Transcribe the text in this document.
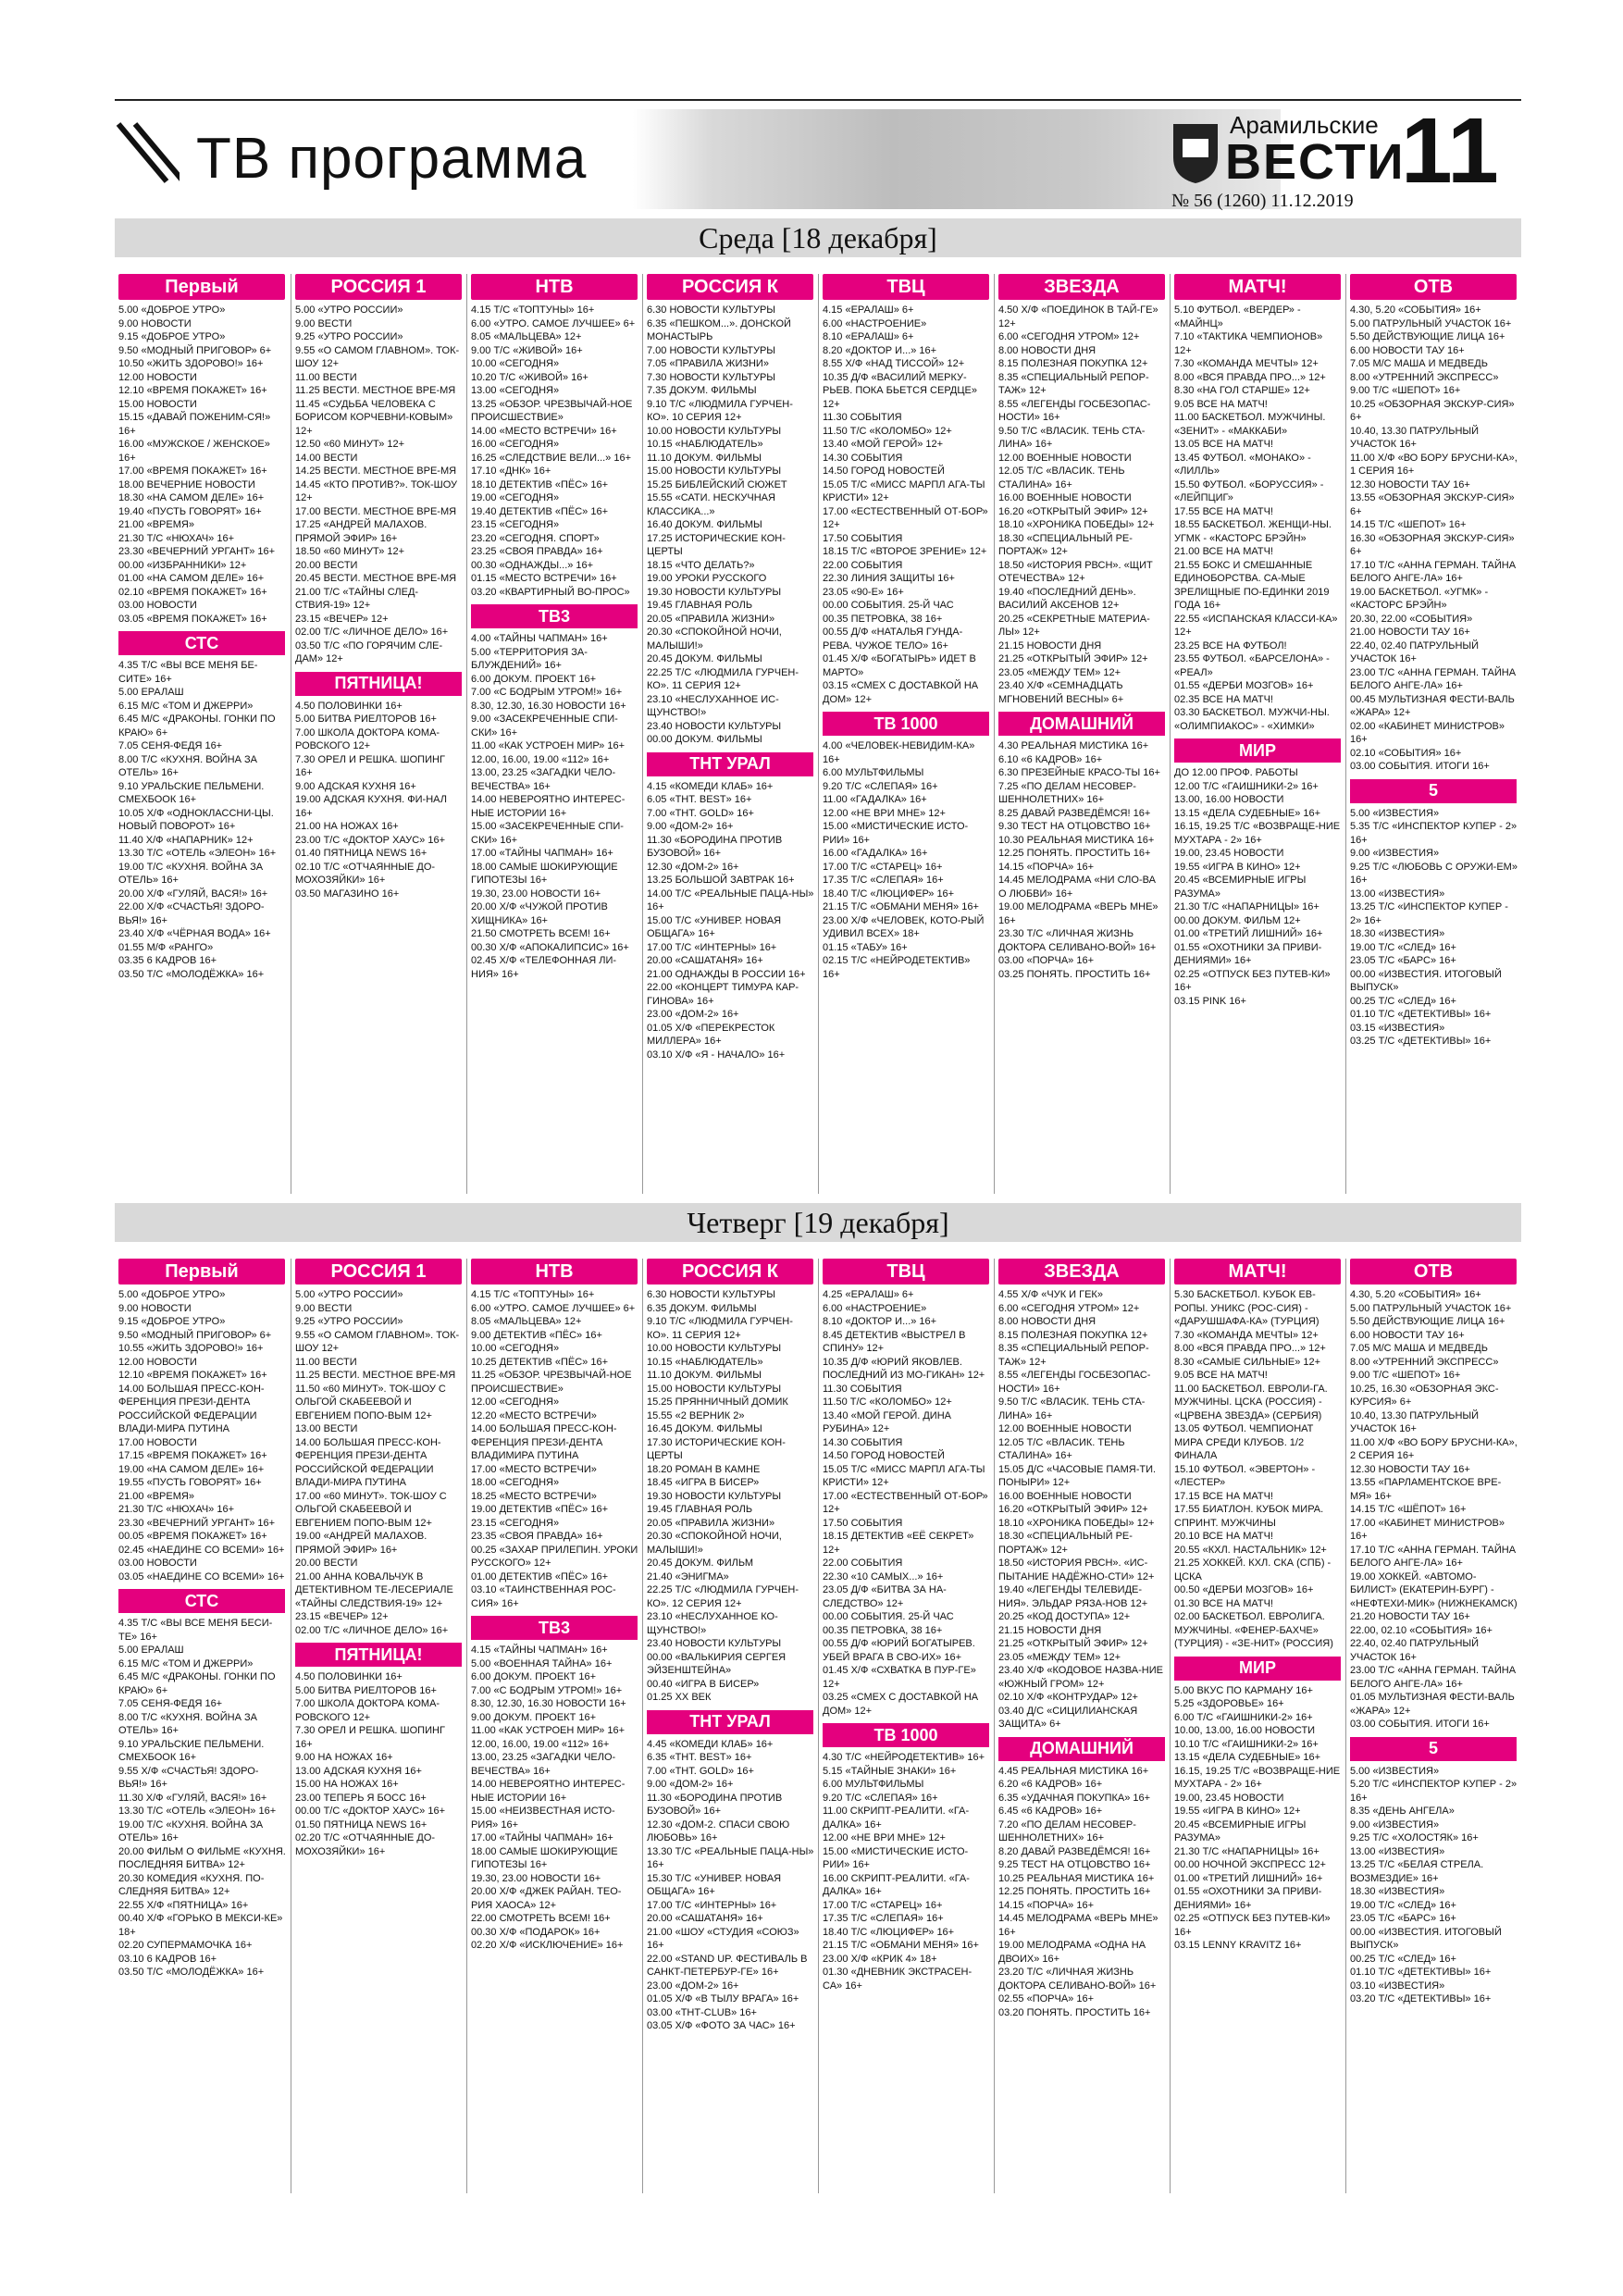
ТВ программа
Арамильские
ВЕСТИ
11
№ 56 (1260) 11.12.2019
Среда [18 декабря]
Первый

5.00 «ДОБРОЕ УТРО»

9.00 НОВОСТИ

9.15 «ДОБРОЕ УТРО»

9.50 «МОДНЫЙ ПРИГОВОР» 6+

10.50 «ЖИТЬ ЗДОРОВО!» 16+

12.00 НОВОСТИ

12.10 «ВРЕМЯ ПОКАЖЕТ» 16+

15.00 НОВОСТИ

15.15 «ДАВАЙ ПОЖЕНИМ-СЯ!» 16+

16.00 «МУЖСКОЕ / ЖЕНСКОЕ» 16+

17.00 «ВРЕМЯ ПОКАЖЕТ» 16+

18.00 ВЕЧЕРНИЕ НОВОСТИ

18.30 «НА САМОМ ДЕЛЕ» 16+

19.40 «ПУСТЬ ГОВОРЯТ» 16+

21.00 «ВРЕМЯ»

21.30 Т/С «НЮХАЧ» 16+

23.30 «ВЕЧЕРНИЙ УРГАНТ» 16+

00.00 «ИЗБРАННИКИ» 12+

01.00 «НА САМОМ ДЕЛЕ» 16+

02.10 «ВРЕМЯ ПОКАЖЕТ» 16+

03.00 НОВОСТИ

03.05 «ВРЕМЯ ПОКАЖЕТ» 16+

СТС

4.35 Т/С «ВЫ ВСЕ МЕНЯ БЕ-СИТЕ» 16+

5.00 ЕРАЛАШ

6.15 М/С «ТОМ И ДЖЕРРИ»

6.45 М/С «ДРАКОНЫ. ГОНКИ ПО КРАЮ» 6+

7.05 СЕНЯ-ФЕДЯ 16+

8.00 Т/С «КУХНЯ. ВОЙНА ЗА ОТЕЛЬ» 16+

9.10 УРАЛЬСКИЕ ПЕЛЬМЕНИ. СМЕХБООК 16+

10.05 Х/Ф «ОДНОКЛАССНИ-ЦЫ. НОВЫЙ ПОВОРОТ» 16+

11.40 Х/Ф «НАПАРНИК» 12+

13.30 Т/С «ОТЕЛЬ «ЭЛЕОН» 16+

19.00 Т/С «КУХНЯ. ВОЙНА ЗА ОТЕЛЬ» 16+

20.00 Х/Ф «ГУЛЯЙ, ВАСЯ!» 16+

22.00 Х/Ф «СЧАСТЬЯ! ЗДОРО-ВЬЯ!» 16+

23.40 Х/Ф «ЧЁРНАЯ ВОДА» 16+

01.55 М/Ф «РАНГО»

03.35 6 КАДРОВ 16+

03.50 Т/С «МОЛОДЁЖКА» 16+

РОССИЯ 1

5.00 «УТРО РОССИИ»

9.00 ВЕСТИ

9.25 «УТРО РОССИИ»

9.55 «О САМОМ ГЛАВНОМ». ТОК-ШОУ 12+

11.00 ВЕСТИ

11.25 ВЕСТИ. МЕСТНОЕ ВРЕ-МЯ

11.45 «СУДЬБА ЧЕЛОВЕКА С БОРИСОМ КОРЧЕВНИ-КОВЫМ» 12+

12.50 «60 МИНУТ» 12+

14.00 ВЕСТИ

14.25 ВЕСТИ. МЕСТНОЕ ВРЕ-МЯ

14.45 «КТО ПРОТИВ?». ТОК-ШОУ 12+

17.00 ВЕСТИ. МЕСТНОЕ ВРЕ-МЯ

17.25 «АНДРЕЙ МАЛАХОВ. ПРЯМОЙ ЭФИР» 16+

18.50 «60 МИНУТ» 12+

20.00 ВЕСТИ

20.45 ВЕСТИ. МЕСТНОЕ ВРЕ-МЯ

21.00 Т/С «ТАЙНЫ СЛЕД-СТВИЯ-19» 12+

23.15 «ВЕЧЕР» 12+

02.00 Т/С «ЛИЧНОЕ ДЕЛО» 16+

03.50 Т/С «ПО ГОРЯЧИМ СЛЕ-ДАМ» 12+

ПЯТНИЦА!

4.50 ПОЛОВИНКИ 16+

5.00 БИТВА РИЕЛТОРОВ 16+

7.00 ШКОЛА ДОКТОРА КОМА-РОВСКОГО 12+

7.30 ОРЕЛ И РЕШКА. ШОПИНГ 16+

9.00 АДСКАЯ КУХНЯ 16+

19.00 АДСКАЯ КУХНЯ. ФИ-НАЛ 16+

21.00 НА НОЖАХ 16+

23.00 Т/С «ДОКТОР ХАУС» 16+

01.40 ПЯТНИЦА NEWS 16+

02.10 Т/С «ОТЧАЯННЫЕ ДО-МОХОЗЯЙКИ» 16+

03.50 МАГАЗИНО 16+

НТВ

4.15 Т/С «ТОПТУНЫ» 16+

6.00 «УТРО. САМОЕ ЛУЧШЕЕ» 6+

8.05 «МАЛЬЦЕВА» 12+

9.00 Т/С «ЖИВОЙ» 16+

10.00 «СЕГОДНЯ»

10.20 Т/С «ЖИВОЙ» 16+

13.00 «СЕГОДНЯ»

13.25 «ОБЗОР. ЧРЕЗВЫЧАЙ-НОЕ ПРОИСШЕСТВИЕ»

14.00 «МЕСТО ВСТРЕЧИ» 16+

16.00 «СЕГОДНЯ»

16.25 «СЛЕДСТВИЕ ВЕЛИ...» 16+

17.10 «ДНК» 16+

18.10 ДЕТЕКТИВ «ПЁС» 16+

19.00 «СЕГОДНЯ»

19.40 ДЕТЕКТИВ «ПЁС» 16+

23.15 «СЕГОДНЯ»

23.20 «СЕГОДНЯ. СПОРТ»

23.25 «СВОЯ ПРАВДА» 16+

00.30 «ОДНАЖДЫ...» 16+

01.15 «МЕСТО ВСТРЕЧИ» 16+

03.20 «КВАРТИРНЫЙ ВО-ПРОС»

ТВ3

4.00 «ТАЙНЫ ЧАПМАН» 16+

5.00 «ТЕРРИТОРИЯ ЗА-БЛУЖДЕНИЙ» 16+

6.00 ДОКУМ. ПРОЕКТ 16+

7.00 «С БОДРЫМ УТРОМ!» 16+

8.30, 12.30, 16.30 НОВОСТИ 16+

9.00 «ЗАСЕКРЕЧЕННЫЕ СПИ-СКИ» 16+

11.00 «КАК УСТРОЕН МИР» 16+

12.00, 16.00, 19.00 «112» 16+

13.00, 23.25 «ЗАГАДКИ ЧЕЛО-ВЕЧЕСТВА» 16+

14.00 НЕВЕРОЯТНО ИНТЕРЕС-НЫЕ ИСТОРИИ 16+

15.00 «ЗАСЕКРЕЧЕННЫЕ СПИ-СКИ» 16+

17.00 «ТАЙНЫ ЧАПМАН» 16+

18.00 САМЫЕ ШОКИРУЮЩИЕ ГИПОТЕЗЫ 16+

19.30, 23.00 НОВОСТИ 16+

20.00 Х/Ф «ЧУЖОЙ ПРОТИВ ХИЩНИКА» 16+

21.50 СМОТРЕТЬ ВСЕМ! 16+

00.30 Х/Ф «АПОКАЛИПСИС» 16+

02.45 Х/Ф «ТЕЛЕФОННАЯ ЛИ-НИЯ» 16+

РОССИЯ К

6.30 НОВОСТИ КУЛЬТУРЫ

6.35 «ПЕШКОМ...». ДОНСКОЙ МОНАСТЫРЬ

7.00 НОВОСТИ КУЛЬТУРЫ

7.05 «ПРАВИЛА ЖИЗНИ»

7.30 НОВОСТИ КУЛЬТУРЫ

7.35 ДОКУМ. ФИЛЬМЫ

9.10 Т/С «ЛЮДМИЛА ГУРЧЕН-КО». 10 СЕРИЯ 12+

10.00 НОВОСТИ КУЛЬТУРЫ

10.15 «НАБЛЮДАТЕЛЬ»

11.10 ДОКУМ. ФИЛЬМЫ

15.00 НОВОСТИ КУЛЬТУРЫ

15.25 БИБЛЕЙСКИЙ СЮЖЕТ

15.55 «САТИ. НЕСКУЧНАЯ КЛАССИКА...»

16.40 ДОКУМ. ФИЛЬМЫ

17.25 ИСТОРИЧЕСКИЕ КОН-ЦЕРТЫ

18.15 «ЧТО ДЕЛАТЬ?»

19.00 УРОКИ РУССКОГО

19.30 НОВОСТИ КУЛЬТУРЫ

19.45 ГЛАВНАЯ РОЛЬ

20.05 «ПРАВИЛА ЖИЗНИ»

20.30 «СПОКОЙНОЙ НОЧИ, МАЛЫШИ!»

20.45 ДОКУМ. ФИЛЬМЫ

22.25 Т/С «ЛЮДМИЛА ГУРЧЕН-КО». 11 СЕРИЯ 12+

23.10 «НЕСЛУХАННОЕ ИС-ЩУНСТВО!»

23.40 НОВОСТИ КУЛЬТУРЫ

00.00 ДОКУМ. ФИЛЬМЫ

ТНТ УРАЛ

4.15 «КОМЕДИ КЛАБ» 16+

6.05 «ТНТ. BEST» 16+

7.00 «ТНТ. GOLD» 16+

9.00 «ДОМ-2» 16+

11.30 «БОРОДИНА ПРОТИВ БУЗОВОЙ» 16+

12.30 «ДОМ-2» 16+

13.25 БОЛЬШОЙ ЗАВТРАК 16+

14.00 Т/С «РЕАЛЬНЫЕ ПАЦА-НЫ» 16+

15.00 Т/С «УНИВЕР. НОВАЯ ОБЩАГА» 16+

17.00 Т/С «ИНТЕРНЫ» 16+

20.00 «САШАТАНЯ» 16+

21.00 ОДНАЖДЫ В РОССИИ 16+

22.00 «КОНЦЕРТ ТИМУРА КАР-ГИНОВА» 16+

23.00 «ДОМ-2» 16+

01.05 Х/Ф «ПЕРЕКРЕСТОК МИЛЛЕРА» 16+

03.10 Х/Ф «Я - НАЧАЛО» 16+

ТВЦ

4.15 «ЕРАЛАШ» 6+

6.00 «НАСТРОЕНИЕ»

8.10 «ЕРАЛАШ» 6+

8.20 «ДОКТОР И...» 16+

8.55 Х/Ф «НАД ТИССОЙ» 12+

10.35 Д/Ф «ВАСИЛИЙ МЕРКУ-РЬЕВ. ПОКА БЬЕТСЯ СЕРДЦЕ» 12+

11.30 СОБЫТИЯ

11.50 Т/С «КОЛОМБО» 12+

13.40 «МОЙ ГЕРОЙ» 12+

14.30 СОБЫТИЯ

14.50 ГОРОД НОВОСТЕЙ

15.05 Т/С «МИСС МАРПЛ АГА-ТЫ КРИСТИ» 12+

17.00 «ЕСТЕСТВЕННЫЙ ОТ-БОР» 12+

17.50 СОБЫТИЯ

18.15 Т/С «ВТОРОЕ ЗРЕНИЕ» 12+

22.00 СОБЫТИЯ

22.30 ЛИНИЯ ЗАЩИТЫ 16+

23.05 «90-Е» 16+

00.00 СОБЫТИЯ. 25-Й ЧАС

00.35 ПЕТРОВКА, 38 16+

00.55 Д/Ф «НАТАЛЬЯ ГУНДА-РЕВА. ЧУЖОЕ ТЕЛО» 16+

01.45 Х/Ф «БОГАТЫРЬ» ИДЕТ В МАРТО»

03.15 «СМЕХ С ДОСТАВКОЙ НА ДОМ» 12+

ТВ 1000

4.00 «ЧЕЛОВЕК-НЕВИДИМ-КА» 16+

6.00 МУЛЬТФИЛЬМЫ

9.20 Т/С «СЛЕПАЯ» 16+

11.00 «ГАДАЛКА» 16+

12.00 «НЕ ВРИ МНЕ» 12+

15.00 «МИСТИЧЕСКИЕ ИСТО-РИИ» 16+

16.00 «ГАДАЛКА» 16+

17.00 Т/С «СТАРЕЦ» 16+

17.35 Т/С «СЛЕПАЯ» 16+

18.40 Т/С «ЛЮЦИФЕР» 16+

21.15 Т/С «ОБМАНИ МЕНЯ» 16+

23.00 Х/Ф «ЧЕЛОВЕК, КОТО-РЫЙ УДИВИЛ ВСЕХ» 18+

01.15 «ТАБУ» 16+

02.15 Т/С «НЕЙРОДЕТЕКТИВ» 16+

ЗВЕЗДА

4.50 Х/Ф «ПОЕДИНОК В ТАЙ-ГЕ» 12+

6.00 «СЕГОДНЯ УТРОМ» 12+

8.00 НОВОСТИ ДНЯ

8.15 ПОЛЕЗНАЯ ПОКУПКА 12+

8.35 «СПЕЦИАЛЬНЫЙ РЕПОР-ТАЖ» 12+

8.55 «ЛЕГЕНДЫ ГОСБЕЗОПАС-НОСТИ» 16+

9.50 Т/С «ВЛАСИК. ТЕНЬ СТА-ЛИНА» 16+

12.00 ВОЕННЫЕ НОВОСТИ

12.05 Т/С «ВЛАСИК. ТЕНЬ СТАЛИНА» 16+

16.00 ВОЕННЫЕ НОВОСТИ

16.20 «ОТКРЫТЫЙ ЭФИР» 12+

18.10 «ХРОНИКА ПОБЕДЫ» 12+

18.30 «СПЕЦИАЛЬНЫЙ РЕ-ПОРТАЖ» 12+

18.50 «ИСТОРИЯ РВСН». «ЩИТ ОТЕЧЕСТВА» 12+

19.40 «ПОСЛЕДНИЙ ДЕНЬ». ВАСИЛИЙ АКСЕНОВ 12+

20.25 «СЕКРЕТНЫЕ МАТЕРИА-ЛЫ» 12+

21.15 НОВОСТИ ДНЯ

21.25 «ОТКРЫТЫЙ ЭФИР» 12+

23.05 «МЕЖДУ ТЕМ» 12+

23.40 Х/Ф «СЕМНАДЦАТЬ МГНОВЕНИЙ ВЕСНЫ» 6+

ДОМАШНИЙ

4.30 РЕАЛЬНАЯ МИСТИКА 16+

6.10 «6 КАДРОВ» 16+

6.30 ПРЕЗЕЙНЫЕ КРАСО-ТЫ 16+

7.25 «ПО ДЕЛАМ НЕСОВЕР-ШЕННОЛЕТНИХ» 16+

8.25 ДАВАЙ РАЗВЕДЁМСЯ! 16+

9.30 ТЕСТ НА ОТЦОВСТВО 16+

10.30 РЕАЛЬНАЯ МИСТИКА 16+

12.25 ПОНЯТЬ. ПРОСТИТЬ 16+

14.15 «ПОРЧА» 16+

14.45 МЕЛОДРАМА «НИ СЛО-ВА О ЛЮБВИ» 16+

19.00 МЕЛОДРАМА «ВЕРЬ МНЕ» 16+

23.30 Т/С «ЛИЧНАЯ ЖИЗНЬ ДОКТОРА СЕЛИВАНО-ВОЙ» 16+

03.00 «ПОРЧА» 16+

03.25 ПОНЯТЬ. ПРОСТИТЬ 16+

МАТЧ!

5.10 ФУТБОЛ. «ВЕРДЕР» - «МАЙНЦ»

7.10 «ТАКТИКА ЧЕМПИОНОВ» 12+

7.30 «КОМАНДА МЕЧТЫ» 12+

8.00 «ВСЯ ПРАВДА ПРО...» 12+

8.30 «НА ГОЛ СТАРШЕ» 12+

9.05 ВСЕ НА МАТЧ!

11.00 БАСКЕТБОЛ. МУЖЧИНЫ. «ЗЕНИТ» - «МАККАБИ»

13.05 ВСЕ НА МАТЧ!

13.45 ФУТБОЛ. «МОНАКО» - «ЛИЛЛЬ»

15.50 ФУТБОЛ. «БОРУССИЯ» - «ЛЕЙПЦИГ»

17.55 ВСЕ НА МАТЧ!

18.55 БАСКЕТБОЛ. ЖЕНЩИ-НЫ. УГМК - «КАСТОРС БРЭЙН»

21.00 ВСЕ НА МАТЧ!

21.55 БОКС И СМЕШАННЫЕ ЕДИНОБОРСТВА. СА-МЫЕ ЗРЕЛИЩНЫЕ ПО-ЕДИНКИ 2019 ГОДА 16+

22.55 «ИСПАНСКАЯ КЛАССИ-КА» 12+

23.25 ВСЕ НА ФУТБОЛ!

23.55 ФУТБОЛ. «БАРСЕЛОНА» - «РЕАЛ»

01.55 «ДЕРБИ МОЗГОВ» 16+

02.35 ВСЕ НА МАТЧ!

03.30 БАСКЕТБОЛ. МУЖЧИ-НЫ. «ОЛИМПИАКОС» - «ХИМКИ»

МИР

ДО 12.00 ПРОФ. РАБОТЫ

12.00 Т/С «ГАИШНИКИ-2» 16+

13.00, 16.00 НОВОСТИ

13.15 «ДЕЛА СУДЕБНЫЕ» 16+

16.15, 19.25 Т/С «ВОЗВРАЩЕ-НИЕ МУХТАРА - 2» 16+

19.00, 23.45 НОВОСТИ

19.55 «ИГРА В КИНО» 12+

20.45 «ВСЕМИРНЫЕ ИГРЫ РАЗУМА»

21.30 Т/С «НАПАРНИЦЫ» 16+

00.00 ДОКУМ. ФИЛЬМ 12+

01.00 «ТРЕТИЙ ЛИШНИЙ» 16+

01.55 «ОХОТНИКИ ЗА ПРИВИ-ДЕНИЯМИ» 16+

02.25 «ОТПУСК БЕЗ ПУТЕВ-КИ» 16+

03.15 PINK 16+

ОТВ

4.30, 5.20 «СОБЫТИЯ» 16+

5.00 ПАТРУЛЬНЫЙ УЧАСТОК 16+

5.50 ДЕЙСТВУЮЩИЕ ЛИЦА 16+

6.00 НОВОСТИ ТАУ 16+

7.05 М/С МАША И МЕДВЕДЬ

8.00 «УТРЕННИЙ ЭКСПРЕСС»

9.00 Т/С «ШЕПОТ» 16+

10.25 «ОБЗОРНАЯ ЭКСКУР-СИЯ» 6+

10.40, 13.30 ПАТРУЛЬНЫЙ УЧАСТОК 16+

11.00 Х/Ф «ВО БОРУ БРУСНИ-КА», 1 СЕРИЯ 16+

12.30 НОВОСТИ ТАУ 16+

13.55 «ОБЗОРНАЯ ЭКСКУР-СИЯ» 6+

14.15 Т/С «ШЕПОТ» 16+

16.30 «ОБЗОРНАЯ ЭКСКУР-СИЯ» 6+

17.10 Т/С «АННА ГЕРМАН. ТАЙНА БЕЛОГО АНГЕ-ЛА» 16+

19.00 БАСКЕТБОЛ. «УГМК» - «КАСТОРС БРЭЙН»

20.30, 22.00 «СОБЫТИЯ»

21.00 НОВОСТИ ТАУ 16+

22.40, 02.40 ПАТРУЛЬНЫЙ УЧАСТОК 16+

23.00 Т/С «АННА ГЕРМАН. ТАЙНА БЕЛОГО АНГЕ-ЛА» 16+

00.45 МУЛЬТИЗНАЯ ФЕСТИ-ВАЛЬ «ЖАРА» 12+

02.00 «КАБИНЕТ МИНИСТРОВ» 16+

02.10 «СОБЫТИЯ» 16+

03.00 СОБЫТИЯ. ИТОГИ 16+

5

5.00 «ИЗВЕСТИЯ»

5.35 Т/С «ИНСПЕКТОР КУПЕР - 2» 16+

9.00 «ИЗВЕСТИЯ»

9.25 Т/С «ЛЮБОВЬ С ОРУЖИ-ЕМ» 16+

13.00 «ИЗВЕСТИЯ»

13.25 Т/С «ИНСПЕКТОР КУПЕР - 2» 16+

18.30 «ИЗВЕСТИЯ»

19.00 Т/С «СЛЕД» 16+

23.05 Т/С «БАРС» 16+

00.00 «ИЗВЕСТИЯ. ИТОГОВЫЙ ВЫПУСК»

00.25 Т/С «СЛЕД» 16+

01.10 Т/С «ДЕТЕКТИВЫ» 16+

03.15 «ИЗВЕСТИЯ»

03.25 Т/С «ДЕТЕКТИВЫ» 16+

Четверг [19 декабря]
Первый

5.00 «ДОБРОЕ УТРО»

9.00 НОВОСТИ

9.15 «ДОБРОЕ УТРО»

9.50 «МОДНЫЙ ПРИГОВОР» 6+

10.55 «ЖИТЬ ЗДОРОВО!» 16+

12.00 НОВОСТИ

12.10 «ВРЕМЯ ПОКАЖЕТ» 16+

14.00 БОЛЬШАЯ ПРЕСС-КОН-ФЕРЕНЦИЯ ПРЕЗИ-ДЕНТА РОССИЙСКОЙ ФЕДЕРАЦИИ ВЛАДИ-МИРА ПУТИНА

17.00 НОВОСТИ

17.15 «ВРЕМЯ ПОКАЖЕТ» 16+

19.00 «НА САМОМ ДЕЛЕ» 16+

19.55 «ПУСТЬ ГОВОРЯТ» 16+

21.00 «ВРЕМЯ»

21.30 Т/С «НЮХАЧ» 16+

23.30 «ВЕЧЕРНИЙ УРГАНТ» 16+

00.05 «ВРЕМЯ ПОКАЖЕТ» 16+

02.45 «НАЕДИНЕ СО ВСЕМИ» 16+

03.00 НОВОСТИ

03.05 «НАЕДИНЕ СО ВСЕМИ» 16+

СТС

4.35 Т/С «ВЫ ВСЕ МЕНЯ БЕСИ-ТЕ» 16+

5.00 ЕРАЛАШ

6.15 М/С «ТОМ И ДЖЕРРИ»

6.45 М/С «ДРАКОНЫ. ГОНКИ ПО КРАЮ» 6+

7.05 СЕНЯ-ФЕДЯ 16+

8.00 Т/С «КУХНЯ. ВОЙНА ЗА ОТЕЛЬ» 16+

9.10 УРАЛЬСКИЕ ПЕЛЬМЕНИ. СМЕХБООК 16+

9.55 Х/Ф «СЧАСТЬЯ! ЗДОРО-ВЬЯ!» 16+

11.30 Х/Ф «ГУЛЯЙ, ВАСЯ!» 16+

13.30 Т/С «ОТЕЛЬ «ЭЛЕОН» 16+

19.00 Т/С «КУХНЯ. ВОЙНА ЗА ОТЕЛЬ» 16+

20.00 ФИЛЬМ О ФИЛЬМЕ «КУХНЯ. ПОСЛЕДНЯЯ БИТВА» 12+

20.30 КОМЕДИЯ «КУХНЯ. ПО-СЛЕДНЯЯ БИТВА» 12+

22.55 Х/Ф «ПЯТНИЦА» 16+

00.40 Х/Ф «ГОРЬКО В МЕКСИ-КЕ» 18+

02.20 СУПЕРМАМОЧКА 16+

03.10 6 КАДРОВ 16+

03.50 Т/С «МОЛОДЁЖКА» 16+

РОССИЯ 1

5.00 «УТРО РОССИИ»

9.00 ВЕСТИ

9.25 «УТРО РОССИИ»

9.55 «О САМОМ ГЛАВНОМ». ТОК-ШОУ 12+

11.00 ВЕСТИ

11.25 ВЕСТИ. МЕСТНОЕ ВРЕ-МЯ

11.50 «60 МИНУТ». ТОК-ШОУ С ОЛЬГОЙ СКАБЕЕВОЙ И ЕВГЕНИЕМ ПОПО-ВЫМ 12+

13.00 ВЕСТИ

14.00 БОЛЬШАЯ ПРЕСС-КОН-ФЕРЕНЦИЯ ПРЕЗИ-ДЕНТА РОССИЙСКОЙ ФЕДЕРАЦИИ ВЛАДИ-МИРА ПУТИНА

17.00 «60 МИНУТ». ТОК-ШОУ С ОЛЬГОЙ СКАБЕЕВОЙ И ЕВГЕНИЕМ ПОПО-ВЫМ 12+

19.00 «АНДРЕЙ МАЛАХОВ. ПРЯМОЙ ЭФИР» 16+

20.00 ВЕСТИ

21.00 АННА КОВАЛЬЧУК В ДЕТЕКТИВНОМ ТЕ-ЛЕСЕРИАЛЕ «ТАЙНЫ СЛЕДСТВИЯ-19» 12+

23.15 «ВЕЧЕР» 12+

02.00 Т/С «ЛИЧНОЕ ДЕЛО» 16+

ПЯТНИЦА!

4.50 ПОЛОВИНКИ 16+

5.00 БИТВА РИЕЛТОРОВ 16+

7.00 ШКОЛА ДОКТОРА КОМА-РОВСКОГО 12+

7.30 ОРЕЛ И РЕШКА. ШОПИНГ 16+

9.00 НА НОЖАХ 16+

13.00 АДСКАЯ КУХНЯ 16+

15.00 НА НОЖАХ 16+

23.00 ТЕПЕРЬ Я БОСС 16+

00.00 Т/С «ДОКТОР ХАУС» 16+

01.50 ПЯТНИЦА NEWS 16+

02.20 Т/С «ОТЧАЯННЫЕ ДО-МОХОЗЯЙКИ» 16+

НТВ

4.15 Т/С «ТОПТУНЫ» 16+

6.00 «УТРО. САМОЕ ЛУЧШЕЕ» 6+

8.05 «МАЛЬЦЕВА» 12+

9.00 ДЕТЕКТИВ «ПЁС» 16+

10.00 «СЕГОДНЯ»

10.25 ДЕТЕКТИВ «ПЁС» 16+

11.25 «ОБЗОР. ЧРЕЗВЫЧАЙ-НОЕ ПРОИСШЕСТВИЕ»

12.00 «СЕГОДНЯ»

12.20 «МЕСТО ВСТРЕЧИ»

14.00 БОЛЬШАЯ ПРЕСС-КОН-ФЕРЕНЦИЯ ПРЕЗИ-ДЕНТА ВЛАДИМИРА ПУТИНА

17.00 «МЕСТО ВСТРЕЧИ»

18.00 «СЕГОДНЯ»

18.25 «МЕСТО ВСТРЕЧИ»

19.00 ДЕТЕКТИВ «ПЁС» 16+

23.15 «СЕГОДНЯ»

23.35 «СВОЯ ПРАВДА» 16+

00.25 «ЗАХАР ПРИЛЕПИН. УРОКИ РУССКОГО» 12+

01.00 ДЕТЕКТИВ «ПЁС» 16+

03.10 «ТАИНСТВЕННАЯ РОС-СИЯ» 16+

ТВ3

4.15 «ТАЙНЫ ЧАПМАН» 16+

5.00 «ВОЕННАЯ ТАЙНА» 16+

6.00 ДОКУМ. ПРОЕКТ 16+

7.00 «С БОДРЫМ УТРОМ!» 16+

8.30, 12.30, 16.30 НОВОСТИ 16+

9.00 ДОКУМ. ПРОЕКТ 16+

11.00 «КАК УСТРОЕН МИР» 16+

12.00, 16.00, 19.00 «112» 16+

13.00, 23.25 «ЗАГАДКИ ЧЕЛО-ВЕЧЕСТВА» 16+

14.00 НЕВЕРОЯТНО ИНТЕРЕС-НЫЕ ИСТОРИИ 16+

15.00 «НЕИЗВЕСТНАЯ ИСТО-РИЯ» 16+

17.00 «ТАЙНЫ ЧАПМАН» 16+

18.00 САМЫЕ ШОКИРУЮЩИЕ ГИПОТЕЗЫ 16+

19.30, 23.00 НОВОСТИ 16+

20.00 Х/Ф «ДЖЕК РАЙАН. ТЕО-РИЯ ХАОСА» 12+

22.00 СМОТРЕТЬ ВСЕМ! 16+

00.30 Х/Ф «ПОДАРОК» 16+

02.20 Х/Ф «ИСКЛЮЧЕНИЕ» 16+

РОССИЯ К

6.30 НОВОСТИ КУЛЬТУРЫ

6.35 ДОКУМ. ФИЛЬМЫ

9.10 Т/С «ЛЮДМИЛА ГУРЧЕН-КО». 11 СЕРИЯ 12+

10.00 НОВОСТИ КУЛЬТУРЫ

10.15 «НАБЛЮДАТЕЛЬ»

11.10 ДОКУМ. ФИЛЬМЫ

15.00 НОВОСТИ КУЛЬТУРЫ

15.25 ПРЯННИЧНЫЙ ДОМИК

15.55 «2 ВЕРНИК 2»

16.45 ДОКУМ. ФИЛЬМЫ

17.30 ИСТОРИЧЕСКИЕ КОН-ЦЕРТЫ

18.20 РОМАН В КАМНЕ

18.45 «ИГРА В БИСЕР»

19.30 НОВОСТИ КУЛЬТУРЫ

19.45 ГЛАВНАЯ РОЛЬ

20.05 «ПРАВИЛА ЖИЗНИ»

20.30 «СПОКОЙНОЙ НОЧИ, МАЛЫШИ!»

20.45 ДОКУМ. ФИЛЬМ

21.40 «ЭНИГМА»

22.25 Т/С «ЛЮДМИЛА ГУРЧЕН-КО». 12 СЕРИЯ 12+

23.10 «НЕСЛУХАННОЕ КО-ЩУНСТВО!»

23.40 НОВОСТИ КУЛЬТУРЫ

00.00 «ВАЛЬКИРИЯ СЕРГЕЯ ЭЙЗЕНШТЕЙНА»

00.40 «ИГРА В БИСЕР»

01.25 XX ВЕК

ТНТ УРАЛ

4.45 «КОМЕДИ КЛАБ» 16+

6.35 «ТНТ. BEST» 16+

7.00 «ТНТ. GOLD» 16+

9.00 «ДОМ-2» 16+

11.30 «БОРОДИНА ПРОТИВ БУЗОВОЙ» 16+

12.30 «ДОМ-2. СПАСИ СВОЮ ЛЮБОВЬ» 16+

13.30 Т/С «РЕАЛЬНЫЕ ПАЦА-НЫ» 16+

15.30 Т/С «УНИВЕР. НОВАЯ ОБЩАГА» 16+

17.00 Т/С «ИНТЕРНЫ» 16+

20.00 «САШАТАНЯ» 16+

21.00 «ШОУ «СТУДИЯ «СОЮЗ» 16+

22.00 «STAND UP. ФЕСТИВАЛЬ В САНКТ-ПЕТЕРБУР-ГЕ» 16+

23.00 «ДОМ-2» 16+

01.05 Х/Ф «В ТЫЛУ ВРАГА» 16+

03.00 «ТНТ-CLUB» 16+

03.05 Х/Ф «ФОТО ЗА ЧАС» 16+

ТВЦ

4.25 «ЕРАЛАШ» 6+

6.00 «НАСТРОЕНИЕ»

8.10 «ДОКТОР И...» 16+

8.45 ДЕТЕКТИВ «ВЫСТРЕЛ В СПИНУ» 12+

10.35 Д/Ф «ЮРИЙ ЯКОВЛЕВ. ПОСЛЕДНИЙ ИЗ МО-ГИКАН» 12+

11.30 СОБЫТИЯ

11.50 Т/С «КОЛОМБО» 12+

13.40 «МОЙ ГЕРОЙ. ДИНА РУБИНА» 12+

14.30 СОБЫТИЯ

14.50 ГОРОД НОВОСТЕЙ

15.05 Т/С «МИСС МАРПЛ АГА-ТЫ КРИСТИ» 12+

17.00 «ЕСТЕСТВЕННЫЙ ОТ-БОР» 12+

17.50 СОБЫТИЯ

18.15 ДЕТЕКТИВ «ЕЁ СЕКРЕТ» 12+

22.00 СОБЫТИЯ

22.30 «10 САМЫХ...» 16+

23.05 Д/Ф «БИТВА ЗА НА-СЛЕДСТВО» 12+

00.00 СОБЫТИЯ. 25-Й ЧАС

00.35 ПЕТРОВКА, 38 16+

00.55 Д/Ф «ЮРИЙ БОГАТЫРЕВ. УБЕЙ ВРАГА В СВО-ИХ» 16+

01.45 Х/Ф «СХВАТКА В ПУР-ГЕ» 12+

03.25 «СМЕХ С ДОСТАВКОЙ НА ДОМ» 12+

ТВ 1000

4.30 Т/С «НЕЙРОДЕТЕКТИВ» 16+

5.15 «ТАЙНЫЕ ЗНАКИ» 16+

6.00 МУЛЬТФИЛЬМЫ

9.20 Т/С «СЛЕПАЯ» 16+

11.00 СКРИПТ-РЕАЛИТИ. «ГА-ДАЛКА» 16+

12.00 «НЕ ВРИ МНЕ» 12+

15.00 «МИСТИЧЕСКИЕ ИСТО-РИИ» 16+

16.00 СКРИПТ-РЕАЛИТИ. «ГА-ДАЛКА» 16+

17.00 Т/С «СТАРЕЦ» 16+

17.35 Т/С «СЛЕПАЯ» 16+

18.40 Т/С «ЛЮЦИФЕР» 16+

21.15 Т/С «ОБМАНИ МЕНЯ» 16+

23.00 Х/Ф «КРИК 4» 18+

01.30 «ДНЕВНИК ЭКСТРАСЕН-СА» 16+

ЗВЕЗДА

4.55 Х/Ф «ЧУК И ГЕК»

6.00 «СЕГОДНЯ УТРОМ» 12+

8.00 НОВОСТИ ДНЯ

8.15 ПОЛЕЗНАЯ ПОКУПКА 12+

8.35 «СПЕЦИАЛЬНЫЙ РЕПОР-ТАЖ» 12+

8.55 «ЛЕГЕНДЫ ГОСБЕЗОПАС-НОСТИ» 16+

9.50 Т/С «ВЛАСИК. ТЕНЬ СТА-ЛИНА» 16+

12.00 ВОЕННЫЕ НОВОСТИ

12.05 Т/С «ВЛАСИК. ТЕНЬ СТАЛИНА» 16+

15.05 Д/С «ЧАСОВЫЕ ПАМЯ-ТИ. ПОНЫРИ» 12+

16.00 ВОЕННЫЕ НОВОСТИ

16.20 «ОТКРЫТЫЙ ЭФИР» 12+

18.10 «ХРОНИКА ПОБЕДЫ» 12+

18.30 «СПЕЦИАЛЬНЫЙ РЕ-ПОРТАЖ» 12+

18.50 «ИСТОРИЯ РВСН». «ИС-ПЫТАНИЕ НАДЁЖНО-СТИ» 12+

19.40 «ЛЕГЕНДЫ ТЕЛЕВИДЕ-НИЯ». ЭЛЬДАР РЯЗА-НОВ 12+

20.25 «КОД ДОСТУПА» 12+

21.15 НОВОСТИ ДНЯ

21.25 «ОТКРЫТЫЙ ЭФИР» 12+

23.05 «МЕЖДУ ТЕМ» 12+

23.40 Х/Ф «КОДОВОЕ НАЗВА-НИЕ «ЮЖНЫЙ ГРОМ» 12+

02.10 Х/Ф «КОНТРУДАР» 12+

03.40 Д/С «СИЦИЛИАНСКАЯ ЗАЩИТА» 6+

ДОМАШНИЙ

4.45 РЕАЛЬНАЯ МИСТИКА 16+

6.20 «6 КАДРОВ» 16+

6.35 «УДАЧНАЯ ПОКУПКА» 16+

6.45 «6 КАДРОВ» 16+

7.20 «ПО ДЕЛАМ НЕСОВЕР-ШЕННОЛЕТНИХ» 16+

8.20 ДАВАЙ РАЗВЕДЁМСЯ! 16+

9.25 ТЕСТ НА ОТЦОВСТВО 16+

10.25 РЕАЛЬНАЯ МИСТИКА 16+

12.25 ПОНЯТЬ. ПРОСТИТЬ 16+

14.15 «ПОРЧА» 16+

14.45 МЕЛОДРАМА «ВЕРЬ МНЕ» 16+

19.00 МЕЛОДРАМА «ОДНА НА ДВОИХ» 16+

23.20 Т/С «ЛИЧНАЯ ЖИЗНЬ ДОКТОРА СЕЛИВАНО-ВОЙ» 16+

02.55 «ПОРЧА» 16+

03.20 ПОНЯТЬ. ПРОСТИТЬ 16+

МАТЧ!

5.30 БАСКЕТБОЛ. КУБОК ЕВ-РОПЫ. УНИКС (РОС-СИЯ) - «ДАРУШШАФА-КА» (ТУРЦИЯ)

7.30 «КОМАНДА МЕЧТЫ» 12+

8.00 «ВСЯ ПРАВДА ПРО...» 12+

8.30 «САМЫЕ СИЛЬНЫЕ» 12+

9.05 ВСЕ НА МАТЧ!

11.00 БАСКЕТБОЛ. ЕВРОЛИ-ГА. МУЖЧИНЫ. ЦСКА (РОССИЯ) - «ЦРВЕНА ЗВЕЗДА» (СЕРБИЯ)

13.05 ФУТБОЛ. ЧЕМПИОНАТ МИРА СРЕДИ КЛУБОВ. 1/2 ФИНАЛА

15.10 ФУТБОЛ. «ЭВЕРТОН» - «ЛЕСТЕР»

17.15 ВСЕ НА МАТЧ!

17.55 БИАТЛОН. КУБОК МИРА. СПРИНТ. МУЖЧИНЫ

20.10 ВСЕ НА МАТЧ!

20.55 «КХЛ. НАСТАЛЬНИК» 12+

21.25 ХОККЕЙ. КХЛ. СКА (СПБ) - ЦСКА

00.50 «ДЕРБИ МОЗГОВ» 16+

01.30 ВСЕ НА МАТЧ!

02.00 БАСКЕТБОЛ. ЕВРОЛИГА. МУЖЧИНЫ. «ФЕНЕР-БАХЧЕ» (ТУРЦИЯ) - «ЗЕ-НИТ» (РОССИЯ)

МИР

5.00 ВКУС ПО КАРМАНУ 16+

5.25 «ЗДОРОВЬЕ» 16+

6.00 Т/С «ГАИШНИКИ-2» 16+

10.00, 13.00, 16.00 НОВОСТИ

10.10 Т/С «ГАИШНИКИ-2» 16+

13.15 «ДЕЛА СУДЕБНЫЕ» 16+

16.15, 19.25 Т/С «ВОЗВРАЩЕ-НИЕ МУХТАРА - 2» 16+

19.00, 23.45 НОВОСТИ

19.55 «ИГРА В КИНО» 12+

20.45 «ВСЕМИРНЫЕ ИГРЫ РАЗУМА»

21.30 Т/С «НАПАРНИЦЫ» 16+

00.00 НОЧНОЙ ЭКСПРЕСС 12+

01.00 «ТРЕТИЙ ЛИШНИЙ» 16+

01.55 «ОХОТНИКИ ЗА ПРИВИ-ДЕНИЯМИ» 16+

02.25 «ОТПУСК БЕЗ ПУТЕВ-КИ» 16+

03.15 LENNY KRAVITZ 16+

ОТВ

4.30, 5.20 «СОБЫТИЯ» 16+

5.00 ПАТРУЛЬНЫЙ УЧАСТОК 16+

5.50 ДЕЙСТВУЮЩИЕ ЛИЦА 16+

6.00 НОВОСТИ ТАУ 16+

7.05 М/С МАША И МЕДВЕДЬ

8.00 «УТРЕННИЙ ЭКСПРЕСС»

9.00 Т/С «ШЕПОТ» 16+

10.25, 16.30 «ОБЗОРНАЯ ЭКС-КУРСИЯ» 6+

10.40, 13.30 ПАТРУЛЬНЫЙ УЧАСТОК 16+

11.00 Х/Ф «ВО БОРУ БРУСНИ-КА», 2 СЕРИЯ 16+

12.30 НОВОСТИ ТАУ 16+

13.55 «ПАРЛАМЕНТСКОЕ ВРЕ-МЯ» 16+

14.15 Т/С «ШЁПОТ» 16+

17.00 «КАБИНЕТ МИНИСТРОВ» 16+

17.10 Т/С «АННА ГЕРМАН. ТАЙНА БЕЛОГО АНГЕ-ЛА» 16+

19.00 ХОККЕЙ. «АВТОМО-БИЛИСТ» (ЕКАТЕРИН-БУРГ) - «НЕФТЕХИ-МИК» (НИЖНЕКАМСК)

21.20 НОВОСТИ ТАУ 16+

22.00, 02.10 «СОБЫТИЯ» 16+

22.40, 02.40 ПАТРУЛЬНЫЙ УЧАСТОК 16+

23.00 Т/С «АННА ГЕРМАН. ТАЙНА БЕЛОГО АНГЕ-ЛА» 16+

01.05 МУЛЬТИЗНАЯ ФЕСТИ-ВАЛЬ «ЖАРА» 12+

03.00 СОБЫТИЯ. ИТОГИ 16+

5

5.00 «ИЗВЕСТИЯ»

5.20 Т/С «ИНСПЕКТОР КУПЕР - 2» 16+

8.35 «ДЕНЬ АНГЕЛА»

9.00 «ИЗВЕСТИЯ»

9.25 Т/С «ХОЛОСТЯК» 16+

13.00 «ИЗВЕСТИЯ»

13.25 Т/С «БЕЛАЯ СТРЕЛА. ВОЗМЕЗДИЕ» 16+

18.30 «ИЗВЕСТИЯ»

19.00 Т/С «СЛЕД» 16+

23.05 Т/С «БАРС» 16+

00.00 «ИЗВЕСТИЯ. ИТОГОВЫЙ ВЫПУСК»

00.25 Т/С «СЛЕД» 16+

01.10 Т/С «ДЕТЕКТИВЫ» 16+

03.10 «ИЗВЕСТИЯ»

03.20 Т/С «ДЕТЕКТИВЫ» 16+
